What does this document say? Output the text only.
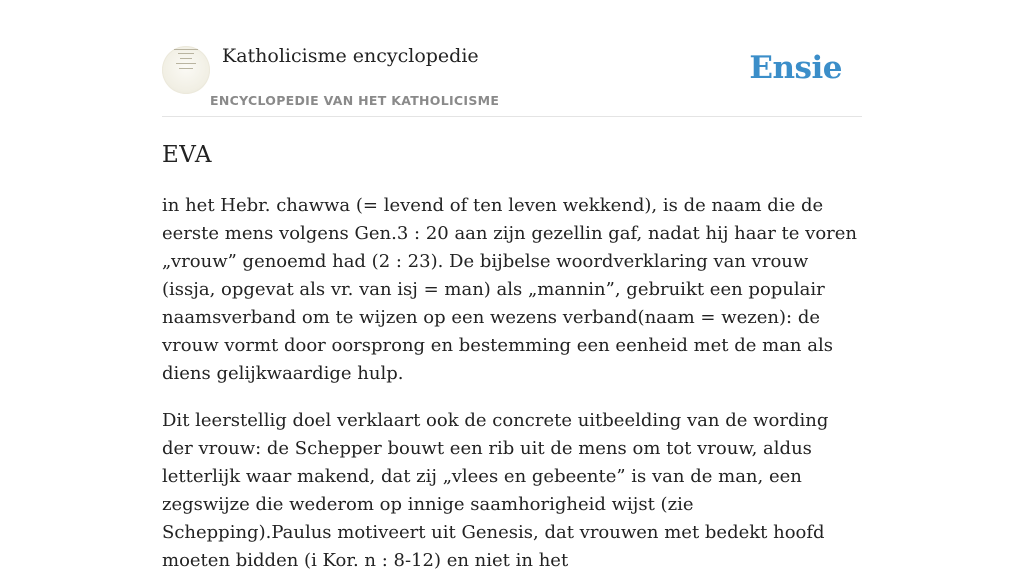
Katholicisme encyclopedie
ENCYCLOPEDIE VAN HET KATHOLICISME
Ensie
EVA

in het Hebr. chawwa (= levend of ten leven wekkend), is de naam die de eerste mens volgens Gen.3 : 20 aan zijn gezellin gaf, nadat hij haar te voren „vrouw” genoemd had (2 : 23). De bijbelse woordverklaring van vrouw (issja, opgevat als vr. van isj = man) als „mannin”, gebruikt een populair naamsverband om te wijzen op een wezens verband(naam = wezen): de vrouw vormt door oorsprong en bestemming een eenheid met de man als diens gelijkwaardige hulp.

Dit leerstellig doel verklaart ook de concrete uitbeelding van de wording der vrouw: de Schepper bouwt een rib uit de mens om tot vrouw, aldus letterlijk waar makend, dat zij „vlees en gebeente” is van de man, een zegswijze die wederom op innige saamhorigheid wijst (zie Schepping).Paulus motiveert uit Genesis, dat vrouwen met bedekt hoofd moeten bidden (i Kor. n : 8-12) en niet in het
